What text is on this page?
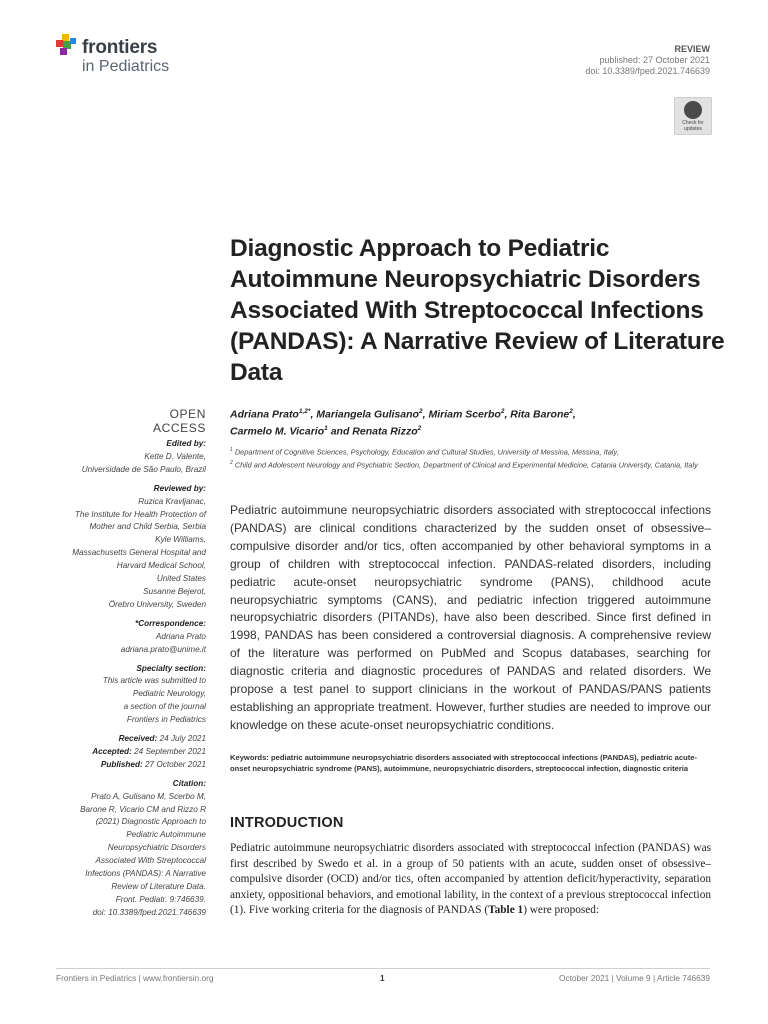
frontiers
in Pediatrics
REVIEW
published: 27 October 2021
doi: 10.3389/fped.2021.746639
Check for updates
Diagnostic Approach to Pediatric Autoimmune Neuropsychiatric Disorders Associated With Streptococcal Infections (PANDAS): A Narrative Review of Literature Data
OPEN ACCESS
Edited by:
Kette D. Valente,
Universidade de São Paulo, Brazil
Reviewed by:
Ruzica Kravljanac,
The Institute for Health Protection of
Mother and Child Serbia, Serbia
Kyle Williams,
Massachusetts General Hospital and
Harvard Medical School,
United States
Susanne Bejerot,
Örebro University, Sweden
*Correspondence:
Adriana Prato
adriana.prato@unime.it
Specialty section:
This article was submitted to
Pediatric Neurology,
a section of the journal
Frontiers in Pediatrics
Received: 24 July 2021
Accepted: 24 September 2021
Published: 27 October 2021
Citation:
Prato A, Gulisano M, Scerbo M,
Barone R, Vicario CM and Rizzo R
(2021) Diagnostic Approach to
Pediatric Autoimmune
Neuropsychiatric Disorders
Associated With Streptococcal
Infections (PANDAS): A Narrative
Review of Literature Data.
Front. Pediatr. 9:746639.
doi: 10.3389/fped.2021.746639
Adriana Prato$^{1,2*}$, Mariangela Gulisano$^2$, Miriam Scerbo$^2$, Rita Barone$^2$,
Carmelo M. Vicario$^1$ and Renata Rizzo$^2$
$^1$ Department of Cognitive Sciences, Psychology, Education and Cultural Studies, University of Messina, Messina, Italy,
$^2$ Child and Adolescent Neurology and Psychiatric Section, Department of Clinical and Experimental Medicine, Catania University, Catania, Italy
Pediatric autoimmune neuropsychiatric disorders associated with streptococcal infections (PANDAS) are clinical conditions characterized by the sudden onset of obsessive–compulsive disorder and/or tics, often accompanied by other behavioral symptoms in a group of children with streptococcal infection. PANDAS-related disorders, including pediatric acute-onset neuropsychiatric syndrome (PANS), childhood acute neuropsychiatric symptoms (CANS), and pediatric infection triggered autoimmune neuropsychiatric disorders (PITANDs), have also been described. Since first defined in 1998, PANDAS has been considered a controversial diagnosis. A comprehensive review of the literature was performed on PubMed and Scopus databases, searching for diagnostic criteria and diagnostic procedures of PANDAS and related disorders. We propose a test panel to support clinicians in the workout of PANDAS/PANS patients establishing an appropriate treatment. However, further studies are needed to improve our knowledge on these acute-onset neuropsychiatric conditions.
Keywords: pediatric autoimmune neuropsychiatric disorders associated with streptococcal infections (PANDAS), pediatric acute-onset neuropsychiatric syndrome (PANS), autoimmune, neuropsychiatric disorders, streptococcal infection, diagnostic criteria
INTRODUCTION
Pediatric autoimmune neuropsychiatric disorders associated with streptococcal infection (PANDAS) was first described by Swedo et al. in a group of 50 patients with an acute, sudden onset of obsessive–compulsive disorder (OCD) and/or tics, often accompanied by attention deficit/hyperactivity, separation anxiety, oppositional behaviors, and emotional lability, in the context of a previous streptococcal infection (1). Five working criteria for the diagnosis of PANDAS (Table 1) were proposed:
Frontiers in Pediatrics | www.frontiersin.org	1	October 2021 | Volume 9 | Article 746639
